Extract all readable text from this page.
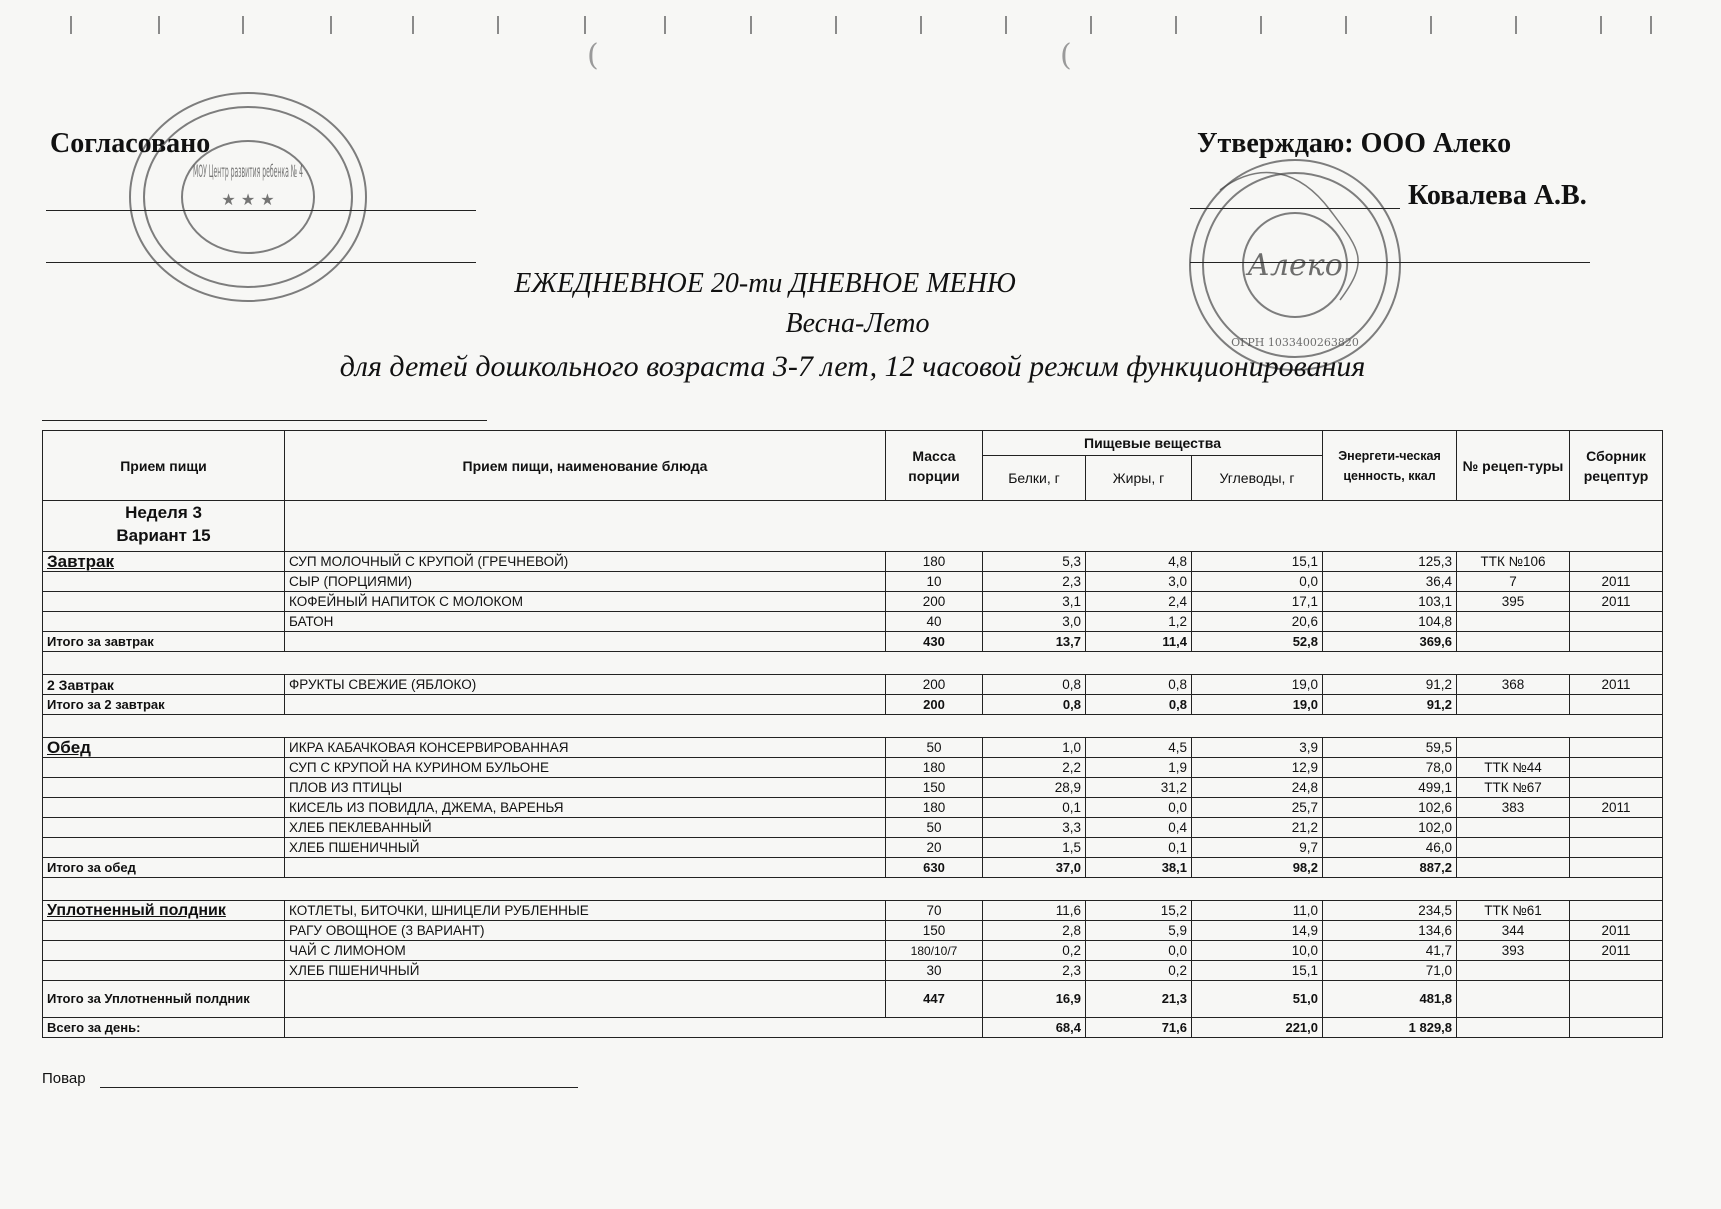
(	(
МОУ Центр развития ребенка № 4
★ ★ ★
Алеко
ОГРН 1033400263820
Согласовано	Утверждаю: ООО Алеко
Ковалева А.В.
ЕЖЕДНЕВНОЕ 20-ти ДНЕВНОЕ МЕНЮ
Весна-Лето
для детей дошкольного возраста 3-7 лет, 12 часовой режим функционирования
Прием пищи	Прием пищи, наименование блюда	Масса порции	Пищевые вещества			Энергети-ческая ценность, ккал	№ рецеп-туры	Сборник рецептур
			Белки, г	Жиры, г	Углеводы, г			
Неделя 3
Вариант 15								
Завтрак	СУП МОЛОЧНЫЙ С КРУПОЙ (ГРЕЧНЕВОЙ)	180	5,3	4,8	15,1	125,3	ТТК №106	
	СЫР (ПОРЦИЯМИ)	10	2,3	3,0	0,0	36,4	7	2011
	КОФЕЙНЫЙ НАПИТОК С МОЛОКОМ	200	3,1	2,4	17,1	103,1	395	2011
	БАТОН	40	3,0	1,2	20,6	104,8		
Итого за завтрак		430	13,7	11,4	52,8	369,6		

2 Завтрак	ФРУКТЫ СВЕЖИЕ (ЯБЛОКО)	200	0,8	0,8	19,0	91,2	368	2011
Итого за 2 завтрак		200	0,8	0,8	19,0	91,2		

Обед	ИКРА КАБАЧКОВАЯ КОНСЕРВИРОВАННАЯ	50	1,0	4,5	3,9	59,5		
	СУП С КРУПОЙ НА КУРИНОМ БУЛЬОНЕ	180	2,2	1,9	12,9	78,0	ТТК №44	
	ПЛОВ ИЗ ПТИЦЫ	150	28,9	31,2	24,8	499,1	ТТК №67	
	КИСЕЛЬ ИЗ ПОВИДЛА, ДЖЕМА, ВАРЕНЬЯ	180	0,1	0,0	25,7	102,6	383	2011
	ХЛЕБ ПЕКЛЕВАННЫЙ	50	3,3	0,4	21,2	102,0		
	ХЛЕБ ПШЕНИЧНЫЙ	20	1,5	0,1	9,7	46,0		
Итого за обед		630	37,0	38,1	98,2	887,2		

Уплотненный полдник	КОТЛЕТЫ, БИТОЧКИ, ШНИЦЕЛИ РУБЛЕННЫЕ	70	11,6	15,2	11,0	234,5	ТТК №61	
	РАГУ ОВОЩНОЕ (3 ВАРИАНТ)	150	2,8	5,9	14,9	134,6	344	2011
	ЧАЙ С ЛИМОНОМ	180/10/7	0,2	0,0	10,0	41,7	393	2011
	ХЛЕБ ПШЕНИЧНЫЙ	30	2,3	0,2	15,1	71,0		
Итого за Уплотненный полдник		447	16,9	21,3	51,0	481,8		
Всего за день:			68,4	71,6	221,0	1 829,8		
Повар
